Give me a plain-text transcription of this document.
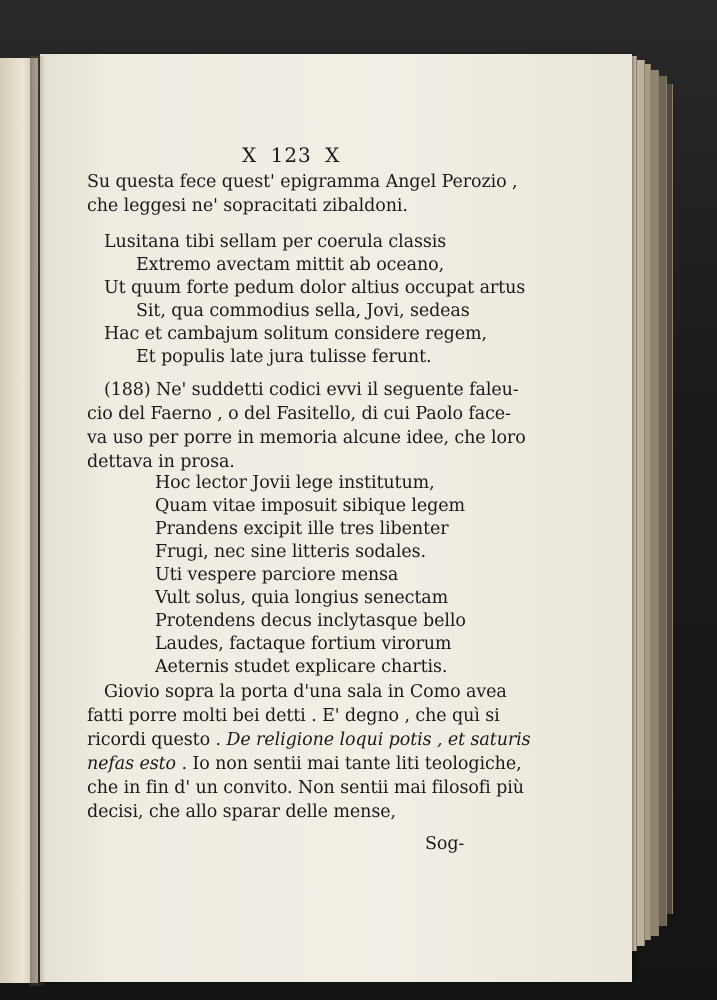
Ⅹ 123 Ⅹ
Su questa fece quest' epigramma Angel Perozio ,
che leggesi ne' sopracitati zibaldoni.
Lusitana tibi sellam per coerula classis
Extremo avectam mittit ab oceano,
Ut quum forte pedum dolor altius occupat artus
Sit, qua commodius sella, Jovi, sedeas
Hac et cambajum solitum considere regem,
Et populis late jura tulisse ferunt.
(188) Ne' suddetti codici evvi il seguente faleu-
cio del Faerno , o del Fasitello, di cui Paolo face-
va uso per porre in memoria alcune idee, che loro
dettava in prosa.
Hoc lector Jovii lege institutum,
Quam vitae imposuit sibique legem
Prandens excipit ille tres libenter
Frugi, nec sine litteris sodales.
Uti vespere parciore mensa
Vult solus, quia longius senectam
Protendens decus inclytasque bello
Laudes, factaque fortium virorum
Aeternis studet explicare chartis.
Giovio sopra la porta d'una sala in Como avea
fatti porre molti bei detti . E' degno , che quì si
ricordi questo . De religione loqui potis , et saturis
nefas esto . Io non sentii mai tante liti teologiche,
che in fin d' un convito. Non sentii mai filosofi più
decisi, che allo sparar delle mense,
Sog-
